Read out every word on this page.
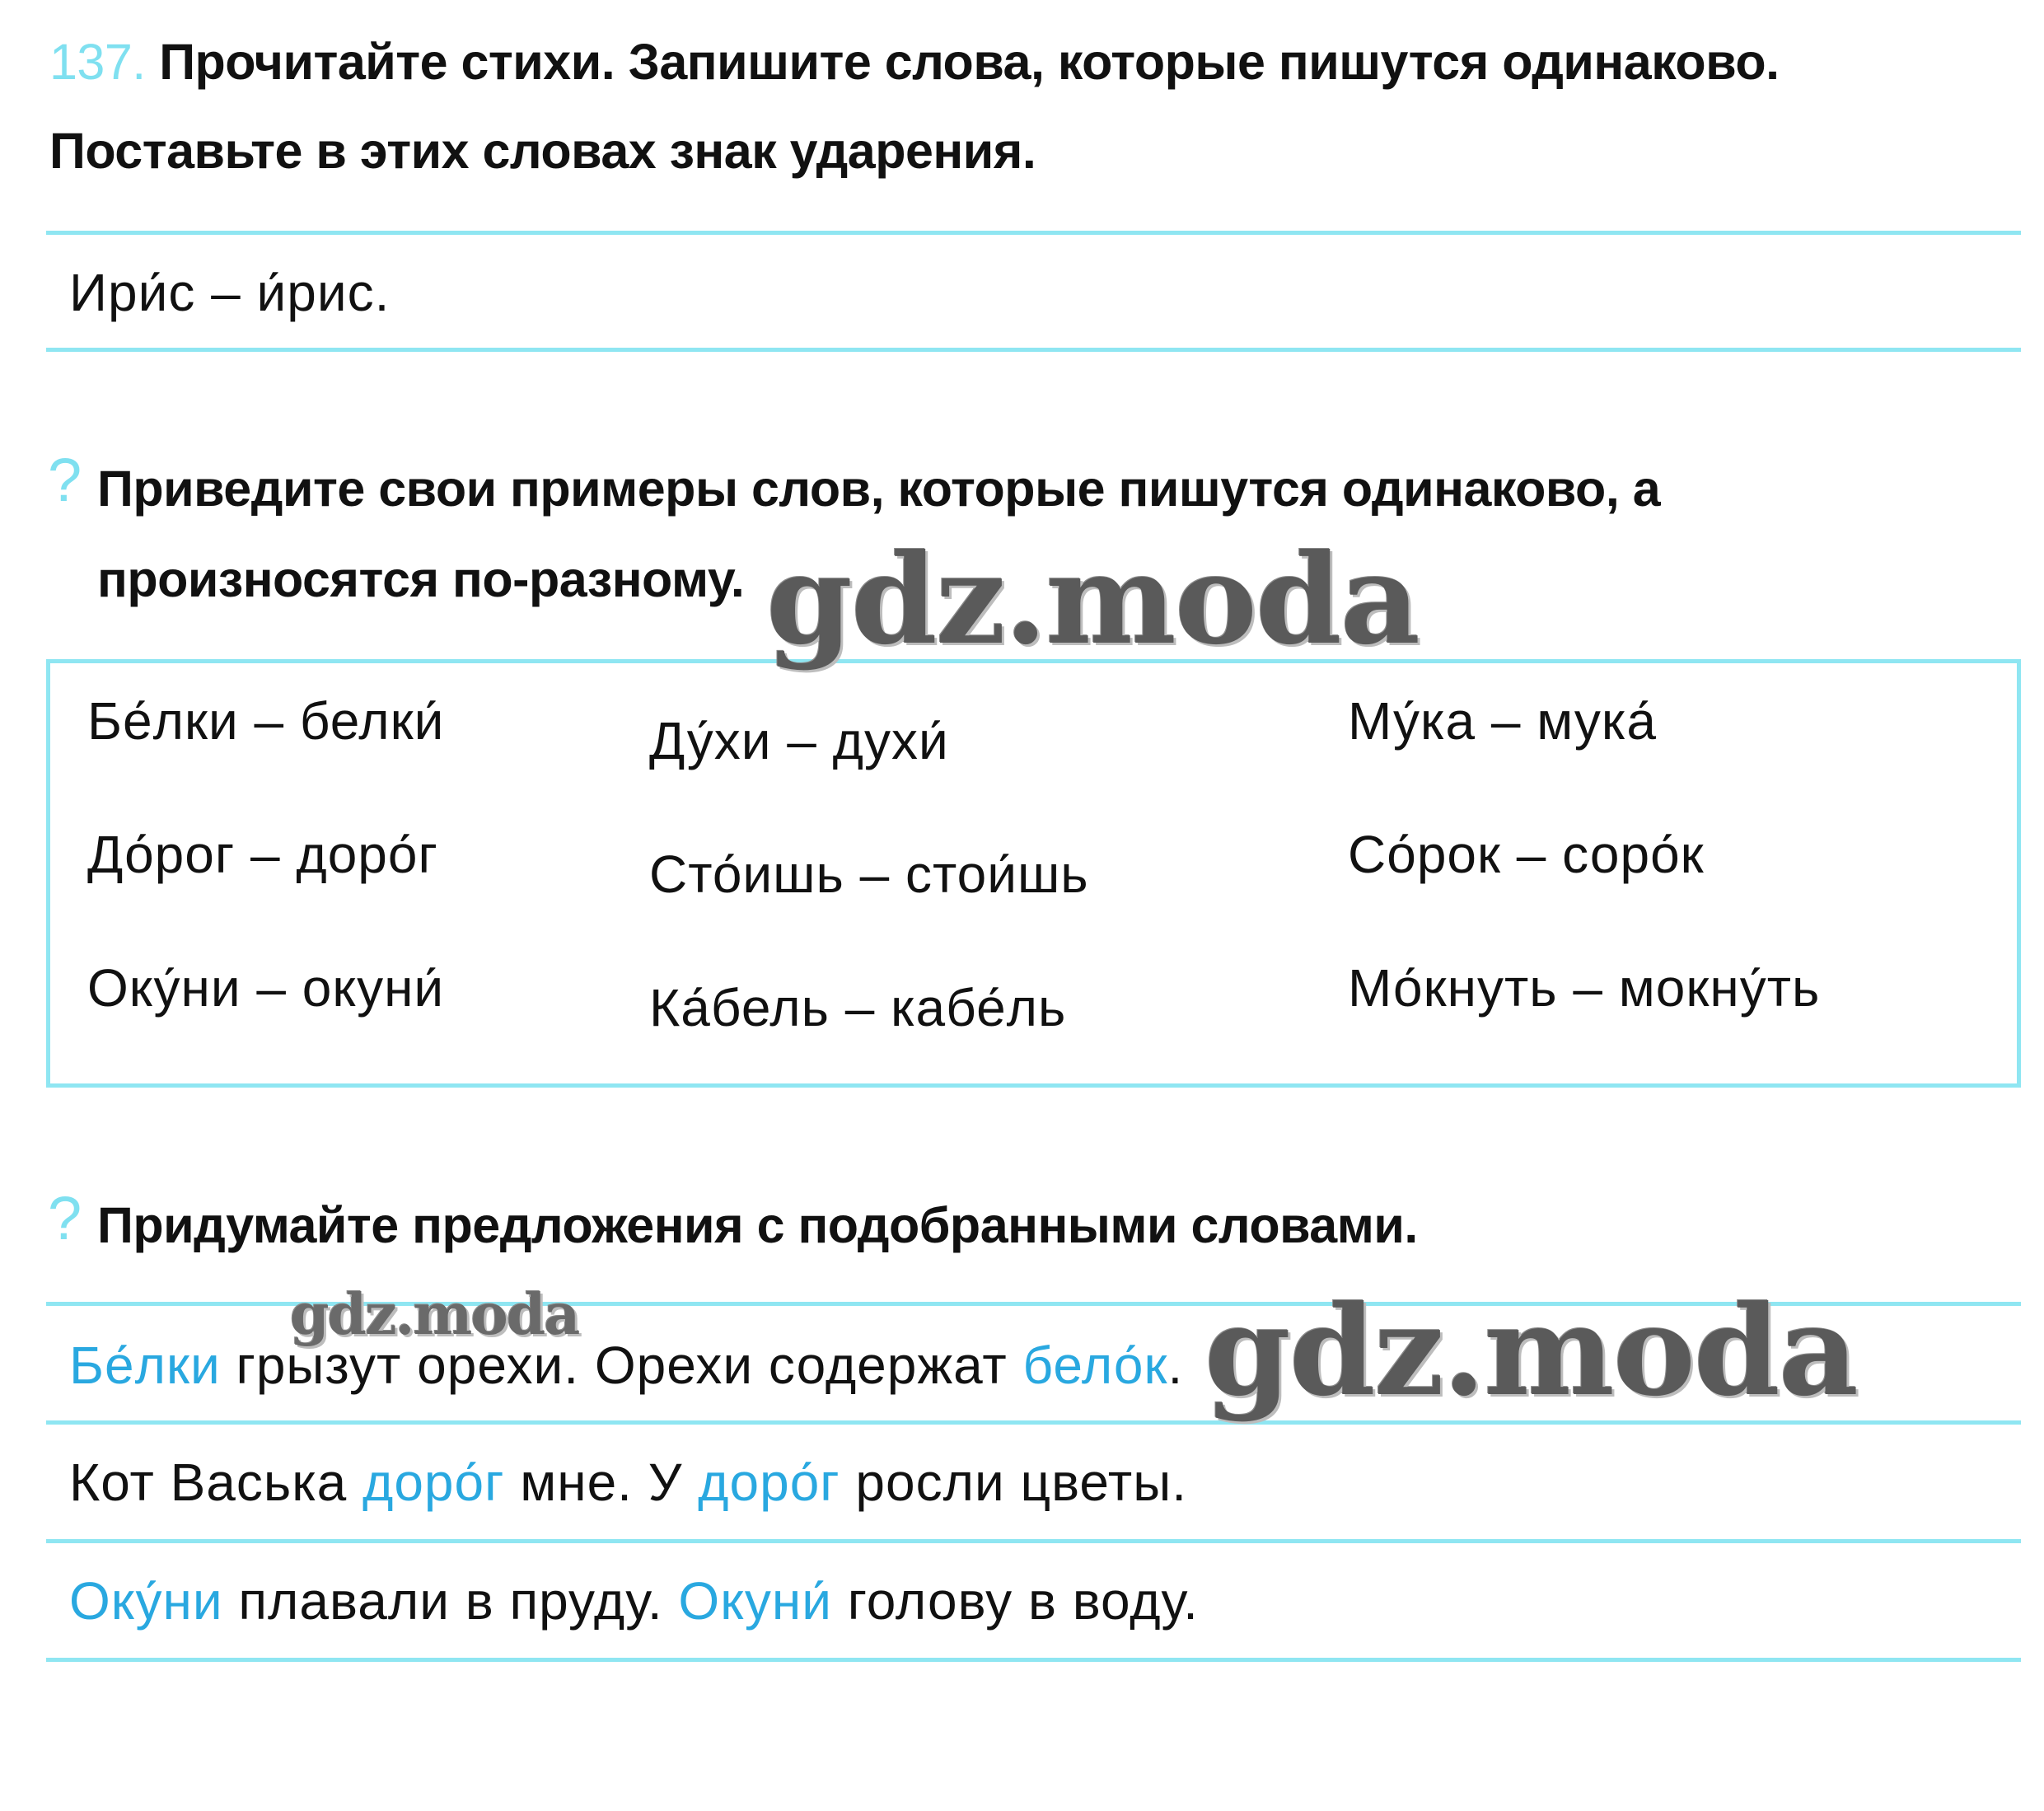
137. Прочитайте стихи. Запишите слова, которые пишутся одинаково.
Поставьте в этих словах знак ударения.
Ири́с – и́рис.
? Приведите свои примеры слов, которые пишутся одинаково, а
произносятся по-разному.
Бе́лки – белки́
До́рог – доро́г
Оку́ни – окуни́
Ду́хи – духи́
Сто́ишь – стои́шь
Ка́бель – кабе́ль
Му́ка – мука́
Со́рок – соро́к
Мо́кнуть – мокну́ть
? Придумайте предложения с подобранными словами.
Бе́лки грызут орехи. Орехи содержат бело́к.
Кот Васька доро́г мне. У доро́г росли цветы.
Оку́ни плавали в пруду. Окуни́ голову в воду.
gdz.moda
gdz.moda	gdz.moda
